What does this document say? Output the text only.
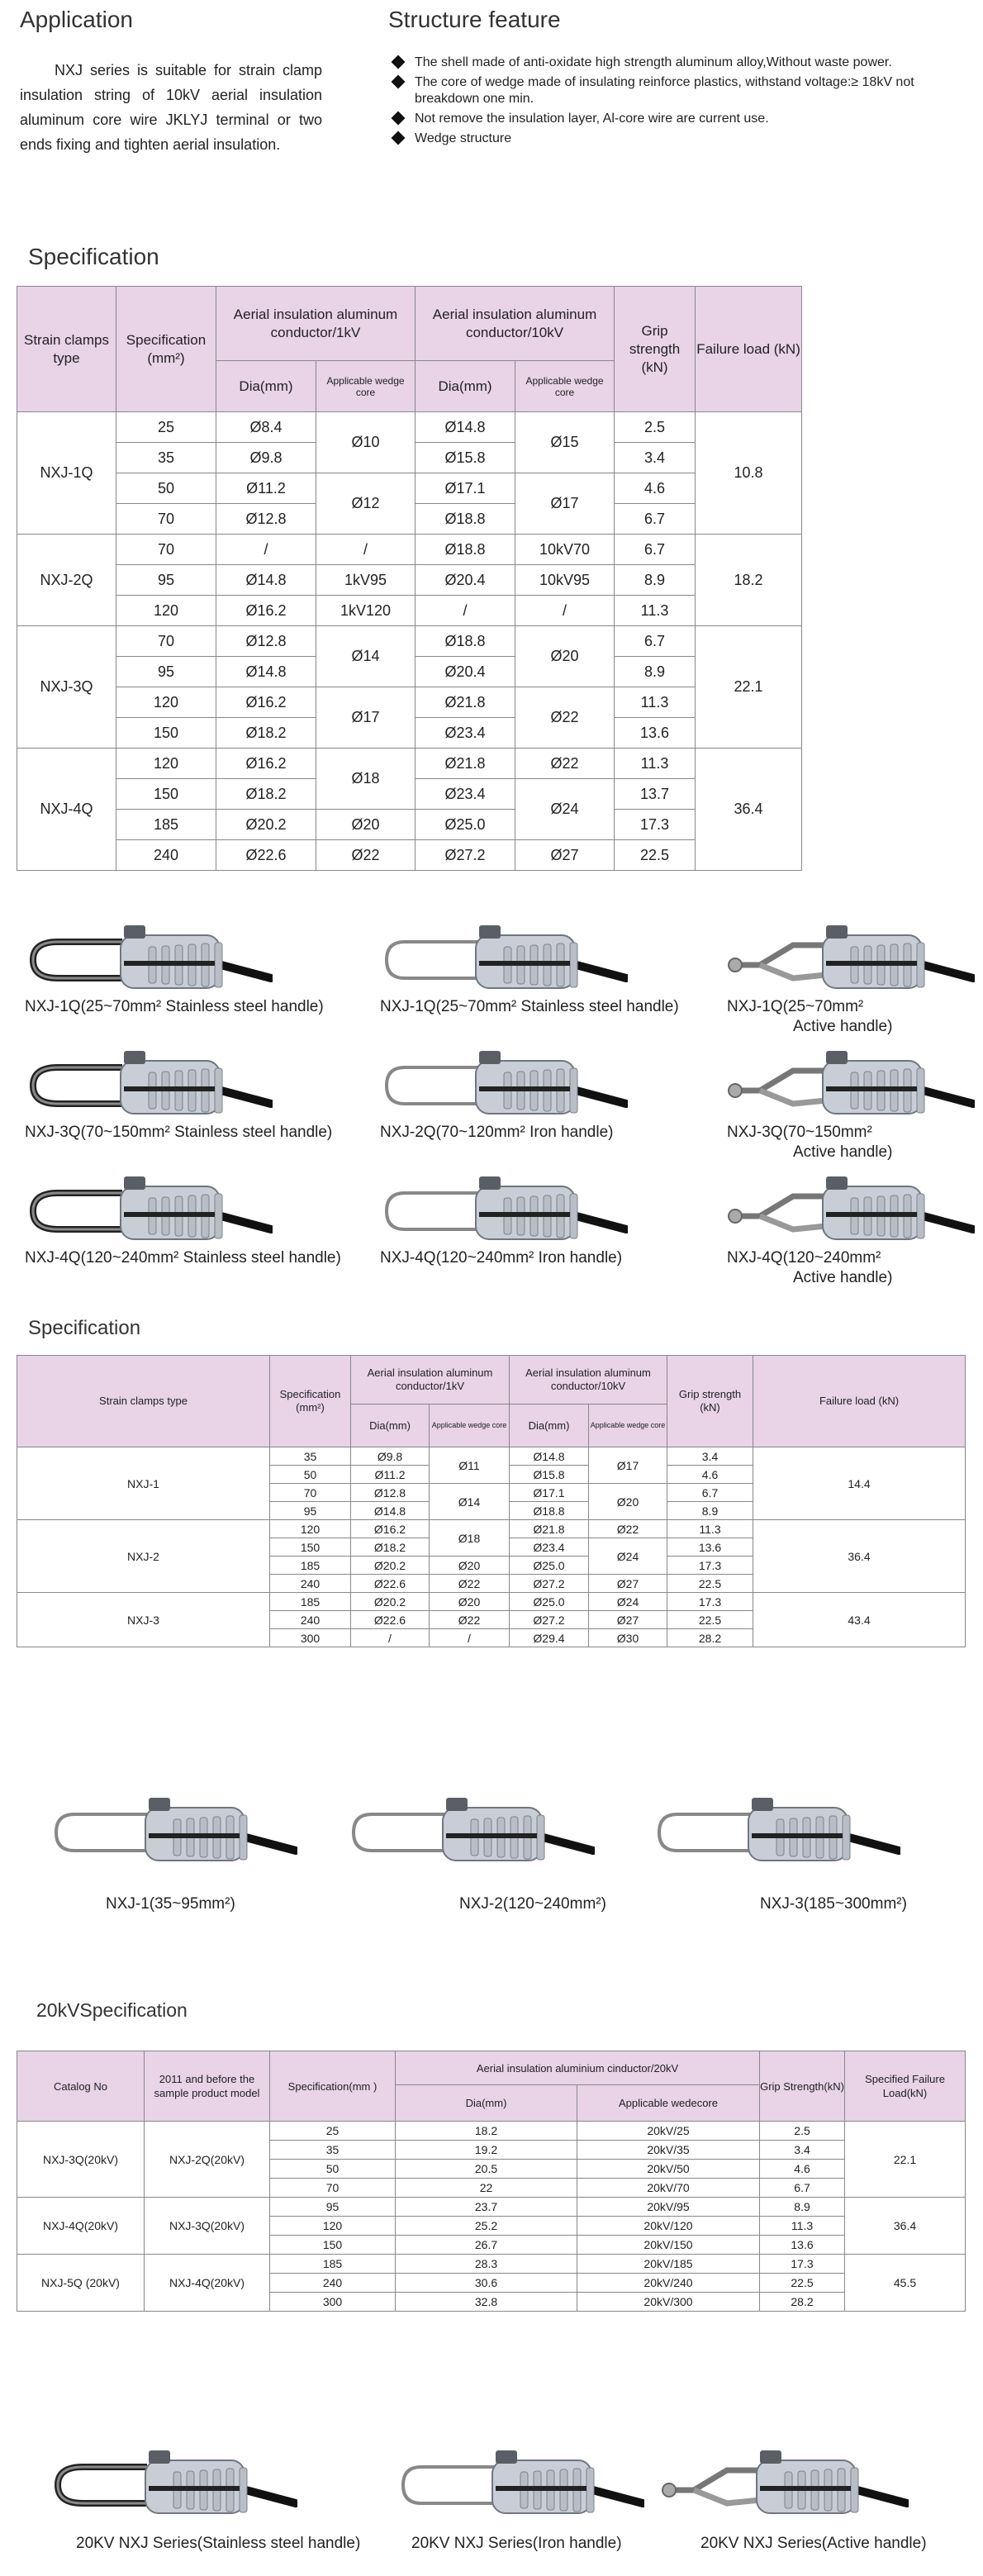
Application
NXJ series is suitable for strain clamp insulation string of 10kV aerial insulation aluminum core wire JKLYJ terminal or two ends fixing and tighten aerial insulation.
Structure feature
The shell made of anti-oxidate high strength aluminum alloy,Without waste power.
The core of wedge made of insulating reinforce plastics, withstand voltage:≥ 18kV not breakdown one min.
Not remove the insulation layer, Al-core wire are current use.
Wedge structure
Specification
Strain clamps type	Specification (mm²)	Aerial insulation aluminum conductor/1kV		Aerial insulation aluminum conductor/10kV		Grip strength (kN)	Failure load (kN)
		Dia(mm)	Applicable wedge core	Dia(mm)	Applicable wedge core		
NXJ-1Q	25	Ø8.4	Ø10	Ø14.8	Ø15	2.5	10.8
	35	Ø9.8		Ø15.8		3.4	
	50	Ø11.2	Ø12	Ø17.1	Ø17	4.6	
	70	Ø12.8		Ø18.8		6.7	
NXJ-2Q	70	/	/	Ø18.8	10kV70	6.7	18.2
	95	Ø14.8	1kV95	Ø20.4	10kV95	8.9	
	120	Ø16.2	1kV120	/	/	11.3	
NXJ-3Q	70	Ø12.8	Ø14	Ø18.8	Ø20	6.7	22.1
	95	Ø14.8		Ø20.4		8.9	
	120	Ø16.2	Ø17	Ø21.8	Ø22	11.3	
	150	Ø18.2		Ø23.4		13.6	
NXJ-4Q	120	Ø16.2	Ø18	Ø21.8	Ø22	11.3	36.4
	150	Ø18.2		Ø23.4	Ø24	13.7	
	185	Ø20.2	Ø20	Ø25.0		17.3	
	240	Ø22.6	Ø22	Ø27.2	Ø27	22.5	
NXJ-1Q(25~70mm² Stainless steel handle)	NXJ-1Q(25~70mm² Stainless steel handle)	NXJ-1Q(25~70mm²
Active handle)
NXJ-3Q(70~150mm² Stainless steel handle)	NXJ-2Q(70~120mm² Iron handle)	NXJ-3Q(70~150mm²
Active handle)
NXJ-4Q(120~240mm² Stainless steel handle) NXJ-4Q(120~240mm² Iron handle)	NXJ-4Q(120~240mm²
Active handle)
Specification
Strain clamps type	Specification (mm²)	Aerial insulation aluminum conductor/1kV		Aerial insulation aluminum conductor/10kV		Grip strength (kN)	Failure load (kN)
		Dia(mm)	Applicable wedge core	Dia(mm)	Applicable wedge core		
NXJ-1	35	Ø9.8	Ø11	Ø14.8	Ø17	3.4	14.4
	50	Ø11.2		Ø15.8		4.6	
	70	Ø12.8	Ø14	Ø17.1	Ø20	6.7	
	95	Ø14.8		Ø18.8		8.9	
NXJ-2	120	Ø16.2	Ø18	Ø21.8	Ø22	11.3	36.4
	150	Ø18.2		Ø23.4	Ø24	13.6	
	185	Ø20.2	Ø20	Ø25.0		17.3	
	240	Ø22.6	Ø22	Ø27.2	Ø27	22.5	
NXJ-3	185	Ø20.2	Ø20	Ø25.0	Ø24	17.3	43.4
	240	Ø22.6	Ø22	Ø27.2	Ø27	22.5	
	300	/	/	Ø29.4	Ø30	28.2	
NXJ-1(35~95mm²)	NXJ-2(120~240mm²)	NXJ-3(185~300mm²)
20kVSpecification
Catalog No	2011 and before the sample product model	Specification(mm )	Aerial insulation aluminium cinductor/20kV		Grip Strength(kN)	Specified Failure Load(kN)
			Dia(mm)	Applicable wedecore		
NXJ-3Q(20kV)	NXJ-2Q(20kV)	25	18.2	20kV/25	2.5	22.1
		35	19.2	20kV/35	3.4	
		50	20.5	20kV/50	4.6	
		70	22	20kV/70	6.7	
NXJ-4Q(20kV)	NXJ-3Q(20kV)	95	23.7	20kV/95	8.9	36.4
		120	25.2	20kV/120	11.3	
		150	26.7	20kV/150	13.6	
NXJ-5Q (20kV)	NXJ-4Q(20kV)	185	28.3	20kV/185	17.3	45.5
		240	30.6	20kV/240	22.5	
		300	32.8	20kV/300	28.2	
20KV NXJ Series(Stainless steel handle)	20KV NXJ Series(Iron handle)	20KV NXJ Series(Active handle)
